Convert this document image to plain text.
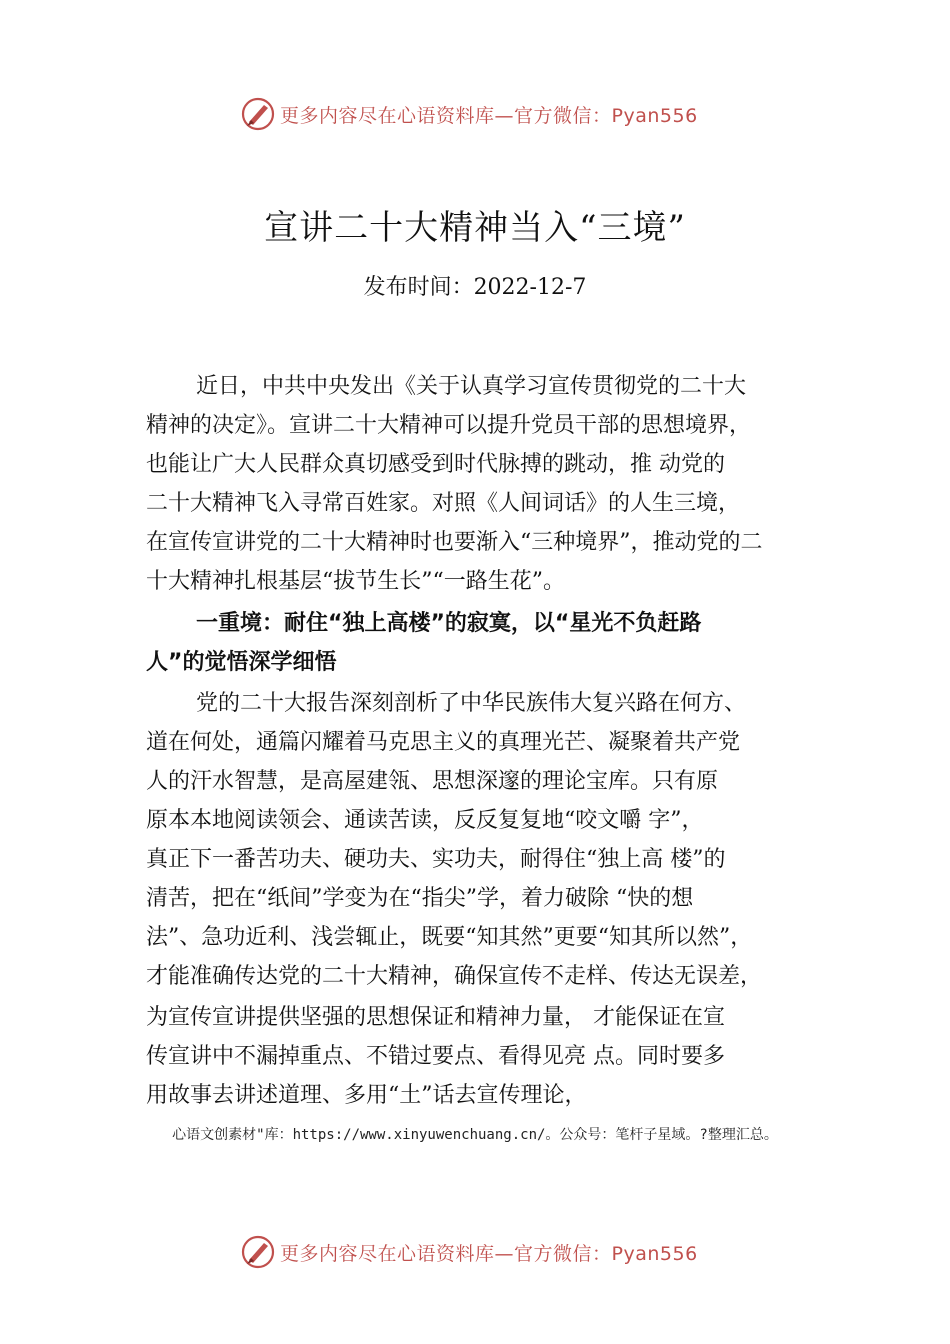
更多内容尽在心语资料库—官方微信：Pyan556
宣讲二十大精神当入“三境”
发布时间：2022-12-7
近日，中共中央发出《关于认真学习宣传贯彻党的二十大
精神的决定》。宣讲二十大精神可以提升党员干部的思想境界，
也能让广大人民群众真切感受到时代脉搏的跳动，推 动党的
二十大精神飞入寻常百姓家。对照《人间词话》的人生三境，
在宣传宣讲党的二十大精神时也要渐入“三种境界”，推动党的二
十大精神扎根基层“拔节生长”“一路生花”。
一重境：耐住“独上高楼”的寂寞，以“星光不负赶路
人”的觉悟深学细悟
党的二十大报告深刻剖析了中华民族伟大复兴路在何方、
道在何处，通篇闪耀着马克思主义的真理光芒、凝聚着共产党
人的汗水智慧，是高屋建瓴、思想深邃的理论宝库。只有原
原本本地阅读领会、通读苦读，反反复复地“咬文嚼 字”，
真正下一番苦功夫、硬功夫、实功夫，耐得住“独上高 楼”的
清苦，把在“纸间”学变为在“指尖”学，着力破除 “快的想
法”、急功近利、浅尝辄止，既要“知其然”更要“知其所以然”，
才能准确传达党的二十大精神，确保宣传不走样、传达无误差，
为宣传宣讲提供坚强的思想保证和精神力量， 才能保证在宣
传宣讲中不漏掉重点、不错过要点、看得见亮 点。同时要多
用故事去讲述道理、多用“土”话去宣传理论，
心语文创素材"库：https://www.xinyuwenchuang.cn/。公众号：笔杆子星域。?整理汇总。
更多内容尽在心语资料库—官方微信：Pyan556
